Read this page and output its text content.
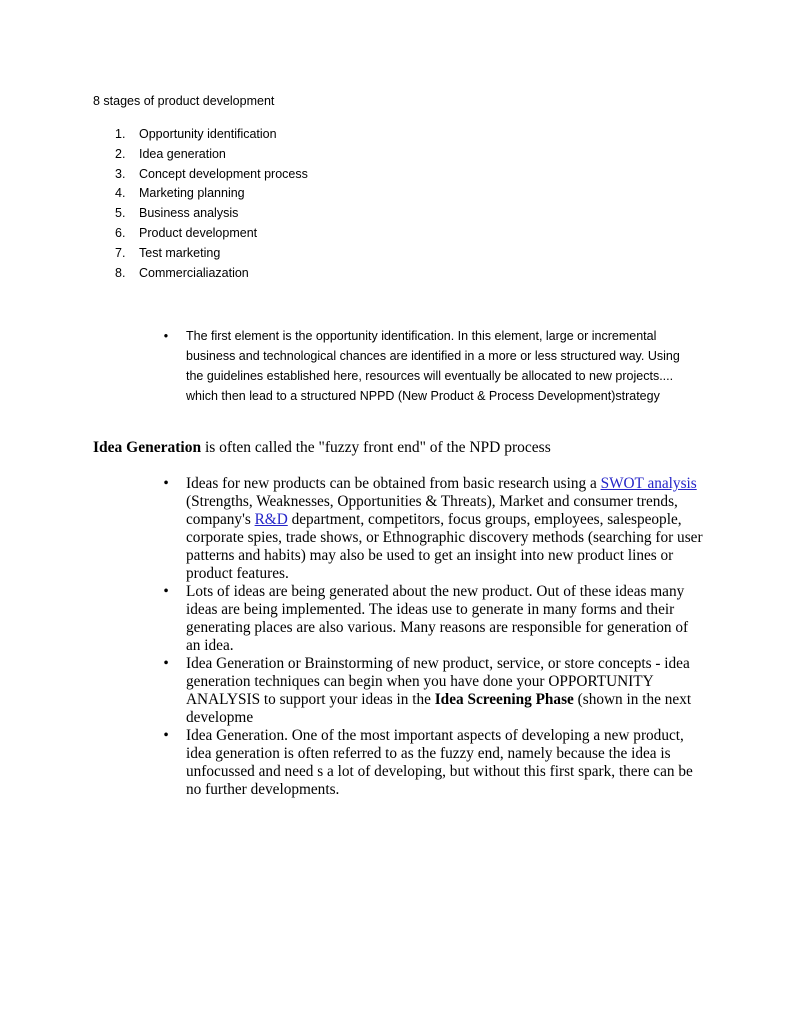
8 stages of product development
1.	Opportunity identification
2.	Idea generation
3.	Concept development process
4.	Marketing planning
5.	Business analysis
6.	Product development
7.	Test marketing
8.	Commercialiazation
•	The first element is the opportunity identification. In this element, large or incremental business and technological chances are identified in a more or less structured way. Using the guidelines established here, resources will eventually be allocated to new projects.... which then lead to a structured NPPD (New Product & Process Development)strategy
Idea Generation is often called the "fuzzy front end" of the NPD process
• Ideas for new products can be obtained from basic research using a SWOT analysis (Strengths, Weaknesses, Opportunities & Threats), Market and consumer trends, company's R&D department, competitors, focus groups, employees, salespeople, corporate spies, trade shows, or Ethnographic discovery methods (searching for user patterns and habits) may also be used to get an insight into new product lines or product features.
• Lots of ideas are being generated about the new product. Out of these ideas many ideas are being implemented. The ideas use to generate in many forms and their generating places are also various. Many reasons are responsible for generation of an idea.
• Idea Generation or Brainstorming of new product, service, or store concepts - idea generation techniques can begin when you have done your OPPORTUNITY ANALYSIS to support your ideas in the Idea Screening Phase (shown in the next developme
• Idea Generation. One of the most important aspects of developing a new product, idea generation is often referred to as the fuzzy end, namely because the idea is unfocussed and need s a lot of developing, but without this first spark, there can be no further developments.
